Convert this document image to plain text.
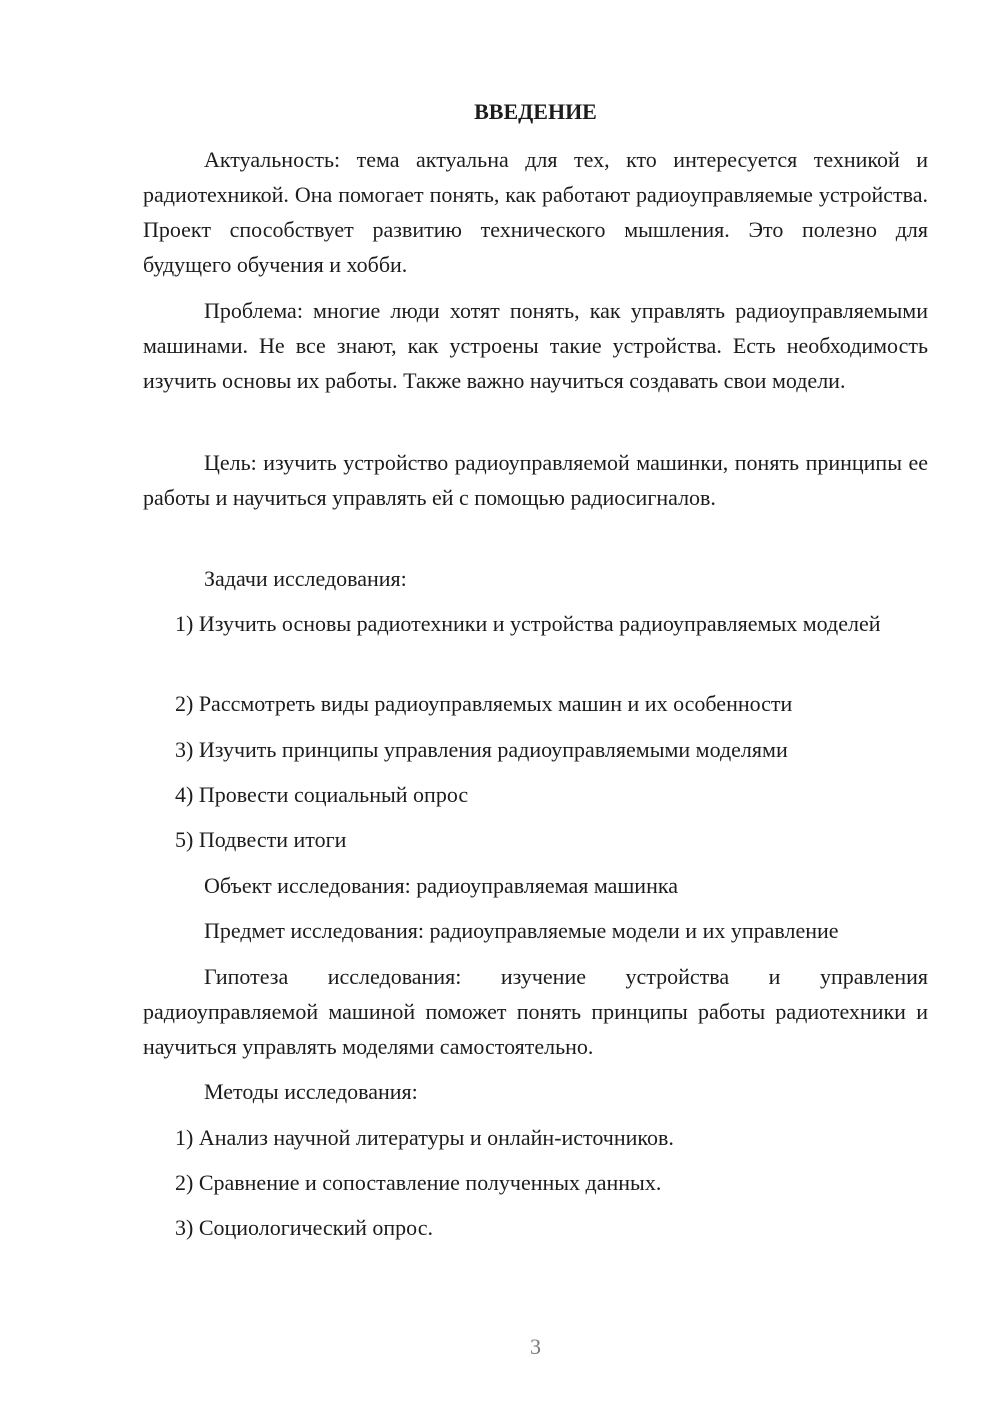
ВВЕДЕНИЕ
Актуальность: тема актуальна для тех, кто интересуется техникой и радиотехникой. Она помогает понять, как работают радиоуправляемые устройства. Проект способствует развитию технического мышления. Это полезно для будущего обучения и хобби.
Проблема: многие люди хотят понять, как управлять радиоуправляемыми машинами. Не все знают, как устроены такие устройства. Есть необходимость изучить основы их работы. Также важно научиться создавать свои модели.
Цель: изучить устройство радиоуправляемой машинки, понять принципы ее работы и научиться управлять ей с помощью радиосигналов.
Задачи исследования:
1) Изучить основы радиотехники и устройства радиоуправляемых моделей
2) Рассмотреть виды радиоуправляемых машин и их особенности
3) Изучить принципы управления радиоуправляемыми моделями
4) Провести социальный опрос
5) Подвести итоги
Объект исследования: радиоуправляемая машинка
Предмет исследования: радиоуправляемые модели и их управление
Гипотеза исследования: изучение устройства и управления радиоуправляемой машиной поможет понять принципы работы радиотехники и научиться управлять моделями самостоятельно.
Методы исследования:
1) Анализ научной литературы и онлайн-источников.
2) Сравнение и сопоставление полученных данных.
3) Социологический опрос.
3
